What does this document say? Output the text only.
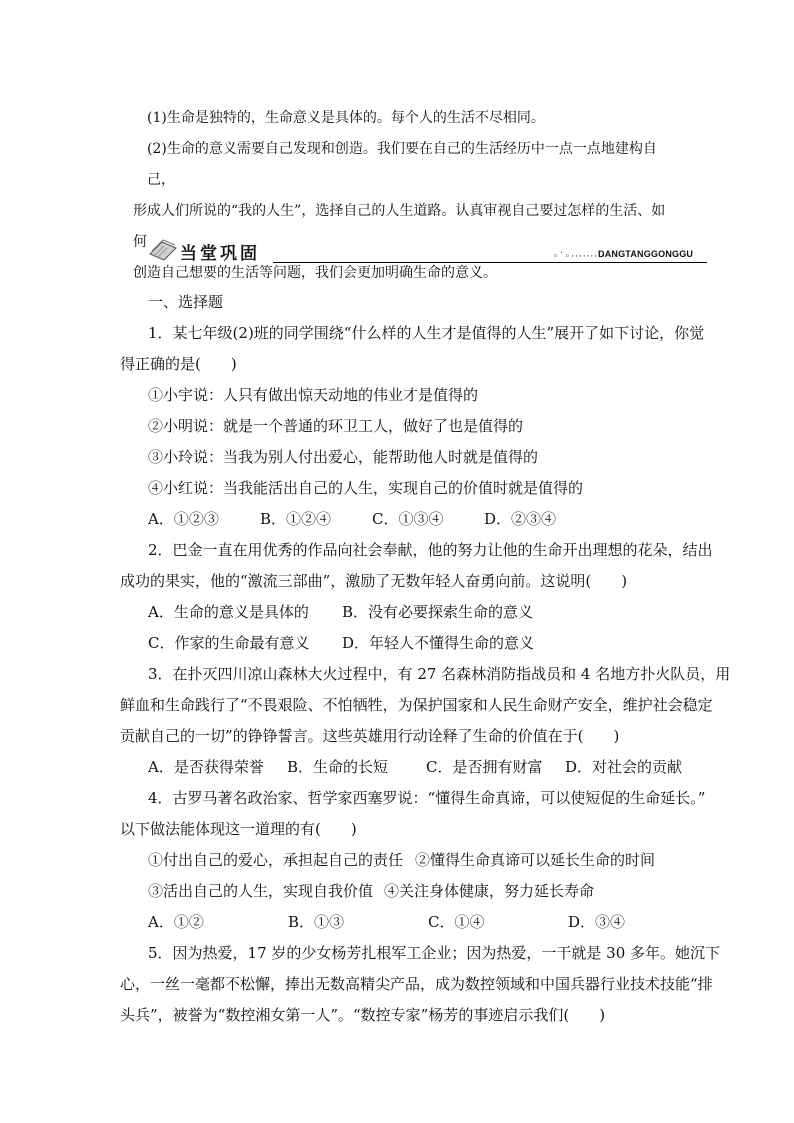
(1)生命是独特的，生命意义是具体的。每个人的生活不尽相同。

(2)生命的意义需要自己发现和创造。我们要在自己的生活经历中一点一点地建构自己，

形成人们所说的“我的人生”，选择自己的人生道路。认真审视自己要过怎样的生活、如何

创造自己想要的生活等问题，我们会更加明确生命的意义。

当堂巩固	◦˙◦·········
DANGTANGGONGGU
一、选择题
1．某七年级(2)班的同学围绕“什么样的人生才是值得的人生”展开了如下讨论，你觉
得正确的是(　　)
①小宇说：人只有做出惊天动地的伟业才是值得的
②小明说：就是一个普通的环卫工人，做好了也是值得的
③小玲说：当我为别人付出爱心，能帮助他人时就是值得的
④小红说：当我能活出自己的人生，实现自己的价值时就是值得的
A．①②③	B．①②④	C．①③④	D．②③④
2．巴金一直在用优秀的作品向社会奉献，他的努力让他的生命开出理想的花朵，结出
成功的果实，他的“激流三部曲”，激励了无数年轻人奋勇向前。这说明(　　)
A．生命的意义是具体的	B．没有必要探索生命的意义
C．作家的生命最有意义	D．年轻人不懂得生命的意义
3．在扑灭四川凉山森林大火过程中，有 27 名森林消防指战员和 4 名地方扑火队员，用
鲜血和生命践行了“不畏艰险、不怕牺牲，为保护国家和人民生命财产安全，维护社会稳定
贡献自己的一切”的铮铮誓言。这些英雄用行动诠释了生命的价值在于(　　)
A．是否获得荣誉	B．生命的长短	C．是否拥有财富	D．对社会的贡献
4．古罗马著名政治家、哲学家西塞罗说：“懂得生命真谛，可以使短促的生命延长。”
以下做法能体现这一道理的有(　　)
①付出自己的爱心，承担起自己的责任 ②懂得生命真谛可以延长生命的时间
③活出自己的人生，实现自我价值 ④关注身体健康，努力延长寿命
A．①②	B．①③	C．①④	D．③④
5．因为热爱，17 岁的少女杨芳扎根军工企业；因为热爱，一干就是 30 多年。她沉下
心，一丝一毫都不松懈，捧出无数高精尖产品，成为数控领域和中国兵器行业技术技能“排
头兵”，被誉为“数控湘女第一人”。“数控专家”杨芳的事迹启示我们(　　)
